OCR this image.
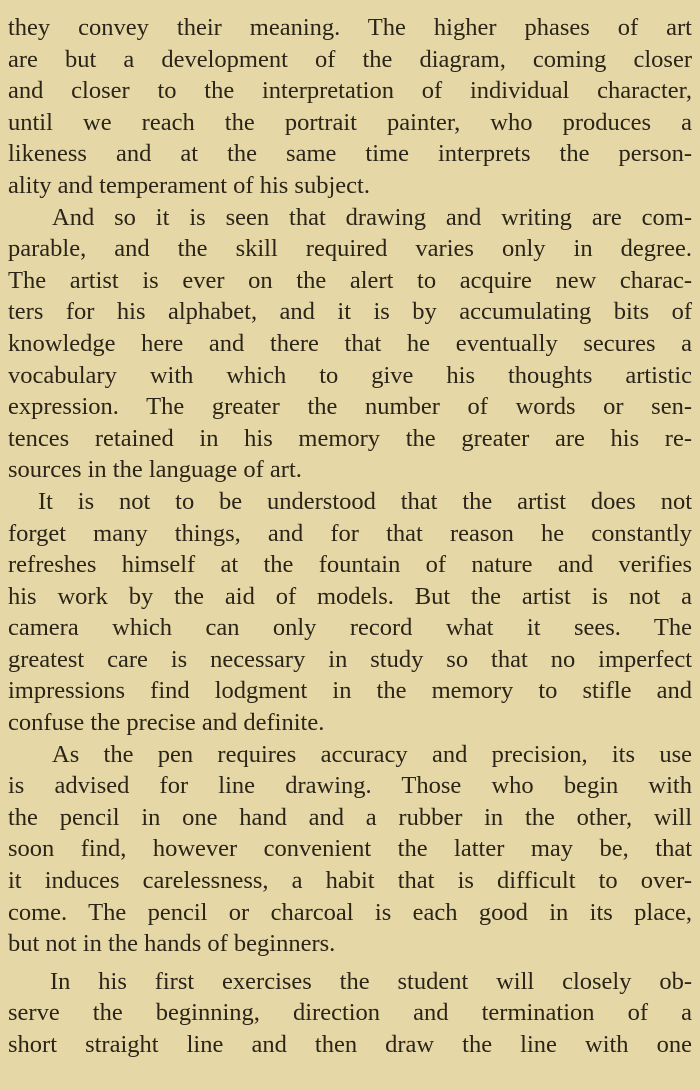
they convey their meaning. The higher phases of art
are but a development of the diagram, coming closer
and closer to the interpretation of individual character,
until we reach the portrait painter, who produces a
likeness and at the same time interprets the person-
ality and temperament of his subject.
And so it is seen that drawing and writing are com-
parable, and the skill required varies only in degree.
The artist is ever on the alert to acquire new charac-
ters for his alphabet, and it is by accumulating bits of
knowledge here and there that he eventually secures a
vocabulary with which to give his thoughts artistic
expression. The greater the number of words or sen-
tences retained in his memory the greater are his re-
sources in the language of art.
It is not to be understood that the artist does not
forget many things, and for that reason he constantly
refreshes himself at the fountain of nature and verifies
his work by the aid of models. But the artist is not a
camera which can only record what it sees. The
greatest care is necessary in study so that no imperfect
impressions find lodgment in the memory to stifle and
confuse the precise and definite.
As the pen requires accuracy and precision, its use
is advised for line drawing. Those who begin with
the pencil in one hand and a rubber in the other, will
soon find, however convenient the latter may be, that
it induces carelessness, a habit that is difficult to over-
come. The pencil or charcoal is each good in its place,
but not in the hands of beginners.
In his first exercises the student will closely ob-
serve the beginning, direction and termination of a
short straight line and then draw the line with one
